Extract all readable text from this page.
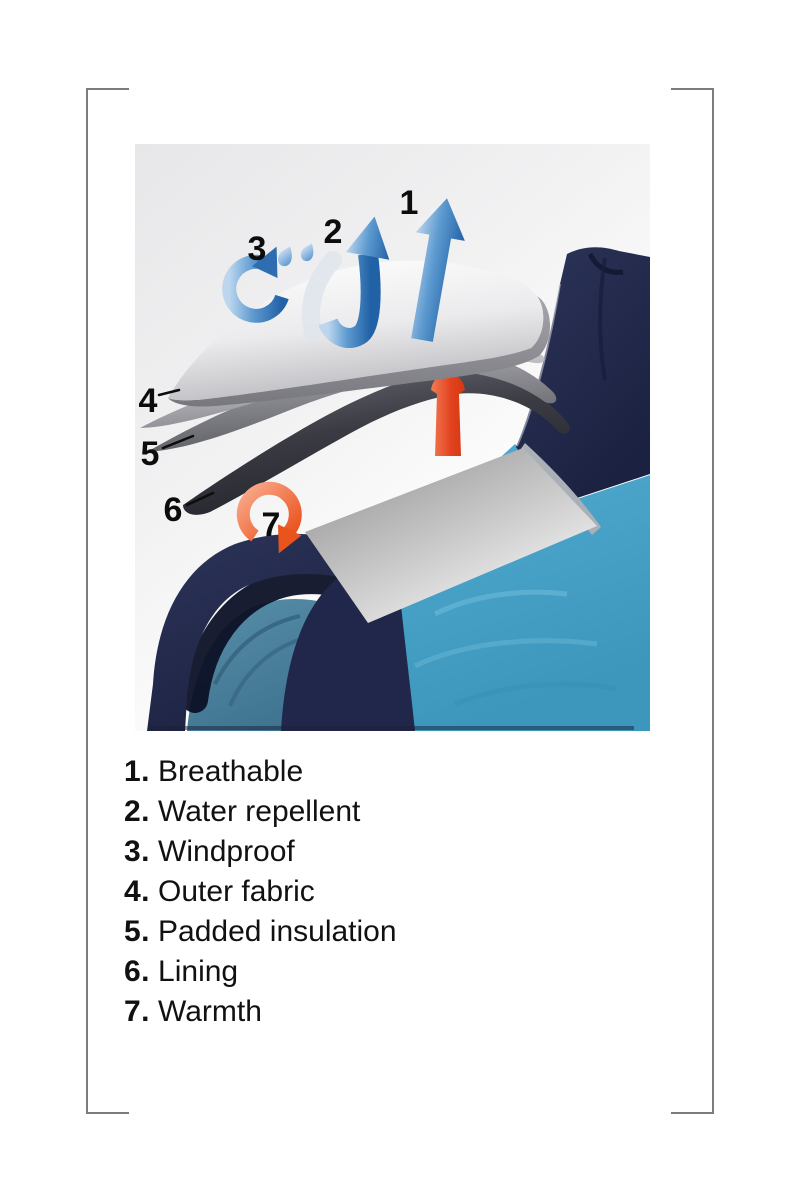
1
2
3
4
5
6 7
1. Breathable
2. Water repellent
3. Windproof
4. Outer fabric
5. Padded insulation
6. Lining
7. Warmth
